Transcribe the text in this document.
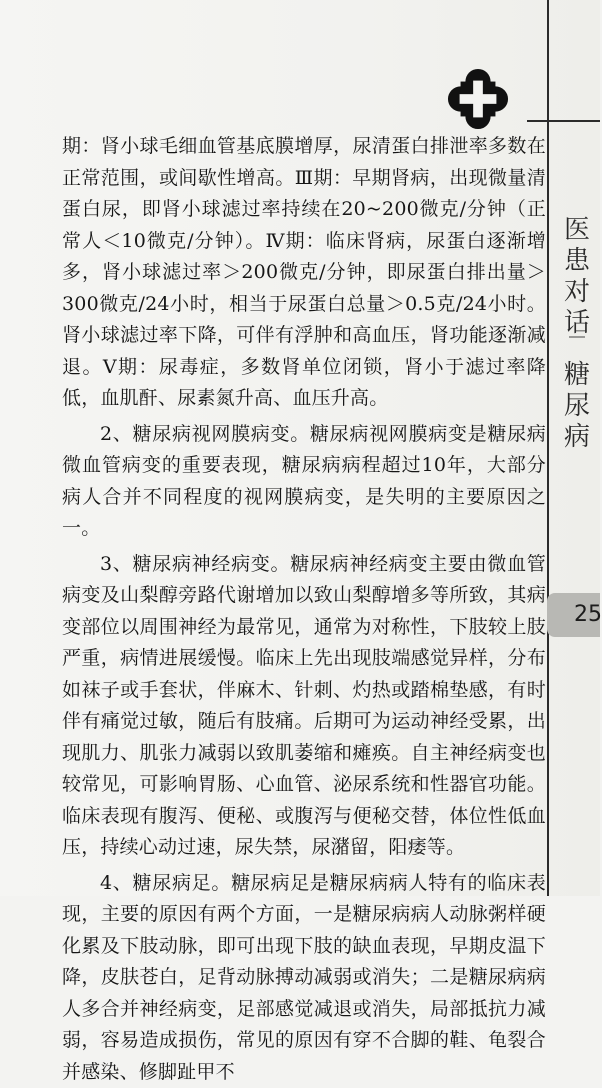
医患对话
糖尿病
25

期：肾小球毛细血管基底膜增厚，尿清蛋白排泄率多数在正常范围，或间歇性增高。Ⅲ期：早期肾病，出现微量清蛋白尿，即肾小球滤过率持续在20~200微克/分钟（正常人＜10微克/分钟）。Ⅳ期：临床肾病，尿蛋白逐渐增多，肾小球滤过率＞200微克/分钟，即尿蛋白排出量＞300微克/24小时，相当于尿蛋白总量＞0.5克/24小时。肾小球滤过率下降，可伴有浮肿和高血压，肾功能逐渐减退。Ⅴ期：尿毒症，多数肾单位闭锁，肾小于滤过率降低，血肌酐、尿素氮升高、血压升高。

2、糖尿病视网膜病变。糖尿病视网膜病变是糖尿病微血管病变的重要表现，糖尿病病程超过10年，大部分病人合并不同程度的视网膜病变，是失明的主要原因之一。

3、糖尿病神经病变。糖尿病神经病变主要由微血管病变及山梨醇旁路代谢增加以致山梨醇增多等所致，其病变部位以周围神经为最常见，通常为对称性，下肢较上肢严重，病情进展缓慢。临床上先出现肢端感觉异样，分布如袜子或手套状，伴麻木、针刺、灼热或踏棉垫感，有时伴有痛觉过敏，随后有肢痛。后期可为运动神经受累，出现肌力、肌张力减弱以致肌萎缩和瘫痪。自主神经病变也较常见，可影响胃肠、心血管、泌尿系统和性器官功能。临床表现有腹泻、便秘、或腹泻与便秘交替，体位性低血压，持续心动过速，尿失禁，尿潴留，阳痿等。

4、糖尿病足。糖尿病足是糖尿病病人特有的临床表现，主要的原因有两个方面，一是糖尿病病人动脉粥样硬化累及下肢动脉，即可出现下肢的缺血表现，早期皮温下降，皮肤苍白，足背动脉搏动减弱或消失；二是糖尿病病人多合并神经病变，足部感觉减退或消失，局部抵抗力减弱，容易造成损伤，常见的原因有穿不合脚的鞋、龟裂合并感染、修脚趾甲不
